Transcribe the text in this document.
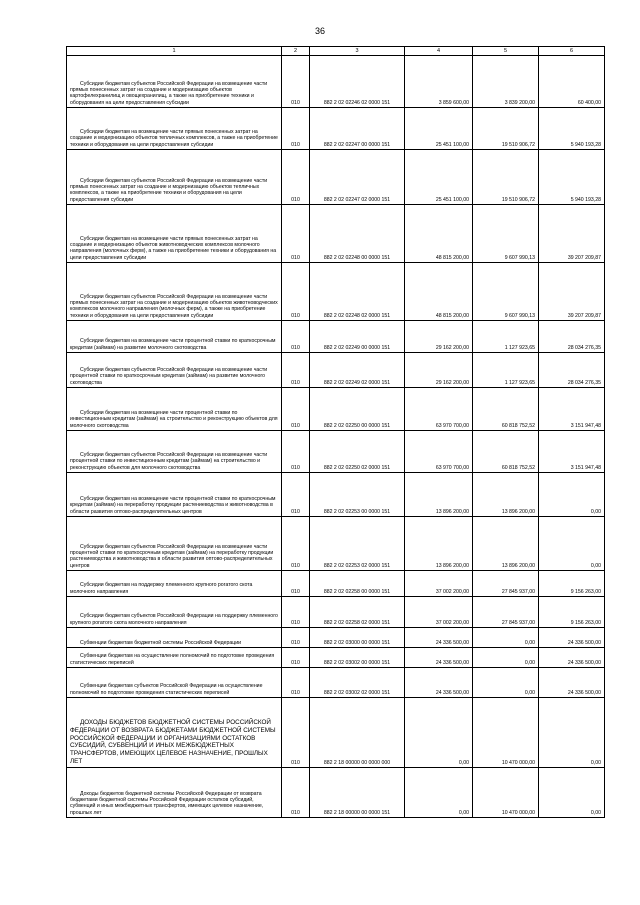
36
1	2	3	4	5	6

Субсидии бюджетам субъектов Российской Федерации на возмещение части прямых понесенных затрат на создание и модернизацию объектов картофелехранилищ и овощехранилищ, а также на приобретение техники и оборудования на цели предоставления субсидии	010	882 2 02 02246 02 0000 151	3 859 600,00	3 839 200,00	60 400,00

Субсидии бюджетам на возмещение части прямых понесенных затрат на создание и модернизацию объектов тепличных комплексов, а также на приобретение техники и оборудования на цели предоставления субсидии	010	882 2 02 02247 00 0000 151	25 451 100,00	19 510 906,72	5 940 193,28

Субсидии бюджетам субъектов Российской Федерации на возмещение части прямых понесенных затрат на создание и модернизацию объектов тепличных комплексов, а также на приобретение техники и оборудования на цели предоставления субсидии	010	882 2 02 02247 02 0000 151	25 451 100,00	19 510 906,72	5 940 193,28

Субсидии бюджетам на возмещение части прямых понесенных затрат на создание и модернизацию объектов животноводческих комплексов молочного направления (молочных ферм), а также на приобретение техники и оборудования на цели предоставления субсидии	010	882 2 02 02248 00 0000 151	48 815 200,00	9 607 990,13	39 207 209,87

Субсидии бюджетам субъектов Российской Федерации на возмещение части прямых понесенных затрат на создание и модернизацию объектов животноводческих комплексов молочного направления (молочных ферм), а также на приобретение техники и оборудования на цели предоставления субсидии	010	882 2 02 02248 02 0000 151	48 815 200,00	9 607 990,13	39 207 209,87

Субсидии бюджетам на возмещение части процентной ставки по краткосрочным кредитам (займам) на развитие молочного скотоводства	010	882 2 02 02249 00 0000 151	29 162 200,00	1 127 923,65	28 034 276,35

Субсидии бюджетам субъектов Российской Федерации на возмещение части процентной ставки по краткосрочным кредитам (займам) на развитие молочного скотоводства	010	882 2 02 02249 02 0000 151	29 162 200,00	1 127 923,65	28 034 276,35

Субсидии бюджетам на возмещение части процентной ставки по инвестиционным кредитам (займам) на строительство и реконструкцию объектов для молочного скотоводства	010	882 2 02 02250 00 0000 151	63 970 700,00	60 818 752,52	3 151 947,48

Субсидии бюджетам субъектов Российской Федерации на возмещение части процентной ставки по инвестиционным кредитам (займам) на строительство и реконструкцию объектов для молочного скотоводства	010	882 2 02 02250 02 0000 151	63 970 700,00	60 818 752,52	3 151 947,48

Субсидии бюджетам на возмещение части процентной ставки по краткосрочным кредитам (займам) на переработку продукции растениеводства и животноводства в области развития оптово-распределительных центров	010	882 2 02 02253 00 0000 151	13 896 200,00	13 896 200,00	0,00

Субсидии бюджетам субъектов Российской Федерации на возмещение части процентной ставки по краткосрочным кредитам (займам) на переработку продукции растениеводства и животноводства в области развития оптово-распределительных центров	010	882 2 02 02253 02 0000 151	13 896 200,00	13 896 200,00	0,00

Субсидии бюджетам на поддержку племенного крупного рогатого скота молочного направления	010	882 2 02 02258 00 0000 151	37 002 200,00	27 845 937,00	9 156 263,00

Субсидии бюджетам субъектов Российской Федерации на поддержку племенного крупного рогатого скота молочного направления	010	882 2 02 02258 02 0000 151	37 002 200,00	27 845 937,00	9 156 263,00

Субвенции бюджетам бюджетной системы Российской Федерации	010	882 2 02 03000 00 0000 151	24 336 500,00	0,00	24 336 500,00

Субвенции бюджетам на осуществление полномочий по подготовке проведения статистических переписей	010	882 2 02 03002 00 0000 151	24 336 500,00	0,00	24 336 500,00

Субвенции бюджетам субъектов Российской Федерации на осуществление полномочий по подготовке проведения статистических переписей	010	882 2 02 03002 02 0000 151	24 336 500,00	0,00	24 336 500,00

ДОХОДЫ БЮДЖЕТОВ БЮДЖЕТНОЙ СИСТЕМЫ РОССИЙСКОЙ ФЕДЕРАЦИИ ОТ ВОЗВРАТА БЮДЖЕТАМИ БЮДЖЕТНОЙ СИСТЕМЫ РОССИЙСКОЙ ФЕДЕРАЦИИ И ОРГАНИЗАЦИЯМИ ОСТАТКОВ СУБСИДИЙ, СУБВЕНЦИЙ И ИНЫХ МЕЖБЮДЖЕТНЫХ ТРАНСФЕРТОВ, ИМЕЮЩИХ ЦЕЛЕВОЕ НАЗНАЧЕНИЕ, ПРОШЛЫХ ЛЕТ	010	882 2 18 00000 00 0000 000	0,00	10 470 000,00	0,00

Доходы бюджетов бюджетной системы Российской Федерации от возврата бюджетами бюджетной системы Российской Федерации остатков субсидий, субвенций и иных межбюджетных трансфертов, имеющих целевое назначение, прошлых лет	010	882 2 18 00000 00 0000 151	0,00	10 470 000,00	0,00
